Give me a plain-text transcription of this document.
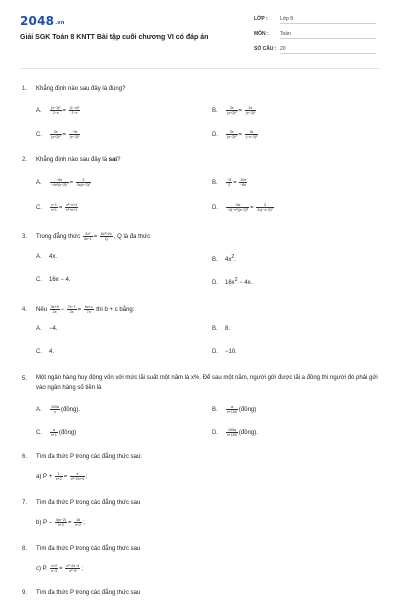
2048.vn
Giải SGK Toán 8 KNTT Bài tập cuối chương VI có đáp án
LỚP : Lớp 8
MÔN : Toán
SỐ CÂU : 20
1. Khẳng định nào sau đây là đúng?
A. $\frac{\text{(x−1)²}}{2-x} = \frac{\text{(1−x)²}}{2-x}$	B. $\frac{2x}{\text{(x+2)²}} = \frac{2x}{\text{(x−2)²}}$
C. $\frac{3x}{\text{(x+2)²}} = \frac{-3x}{\text{(x−2)²}}$	D. $\frac{3x}{\text{(x−2)²}} = \frac{3x}{\text{(−x−2)²}}$
2. Khẳng định nào sau đây là sai?
A. $\frac{-6x}{\text{−4x²(x−2)²}} = \frac{3}{\text{2x(x−2)²}}$	B. $\frac{-5}{3} = \frac{10x}{-6x}$
C. $\frac{x-1}{x+1} = \frac{\text{x³−x+1}}{\text{x³+x+1}}$	D. $\frac{-6x}{\text{−4(−x²)(x−2)²}} = \frac{3}{\text{2x(−x−2)²}}$
3. Trong đẳng thức $\frac{\text{2x²}}{4x-1} = \frac{\text{8x³+2x}}{Q}$ , Q là đa thức
A. 4x.	B. $4x^2$.
C. 16x − 4.	D. $16x^2 - 4x$.
4. Nếu $\frac{3x+5}{2x} - \frac{7x-7}{2x} = \frac{bx+c}{7x}$ thì b + c bằng:
A. −4.	B. 8.
C. 4.	D. −10.
5.	Một ngân hàng huy động vốn với mức lãi suất một năm là x%. Để sau một năm, người gửi được lãi a đồng thì người đó phải gửi vào ngân hàng số tiền là
A. $\frac{100a}{x}$ (đồng).	B. $\frac{a}{x+100}$ (đồng)
C. $\frac{a}{x+1}$ (đồng)	D. $\frac{100a}{x+100}$ (đồng).
6. Tìm đa thức P trong các đẳng thức sau:
a) $P + \frac{1}{x+2} = \frac{x}{\text{x²−2x+4}}$ ;
7. Tìm đa thức P trong các đẳng thức sau
b) $P - \frac{4(x-2)}{x+2} = \frac{16}{x+2}$ ;
8. Tìm đa thức P trong các đẳng thức sau
c) P. $\frac{x+2}{x-3} = \frac{\text{x³−2x−4}}{\text{x²−9}}$ ;
9. Tìm đa thức P trong các đẳng thức sau
